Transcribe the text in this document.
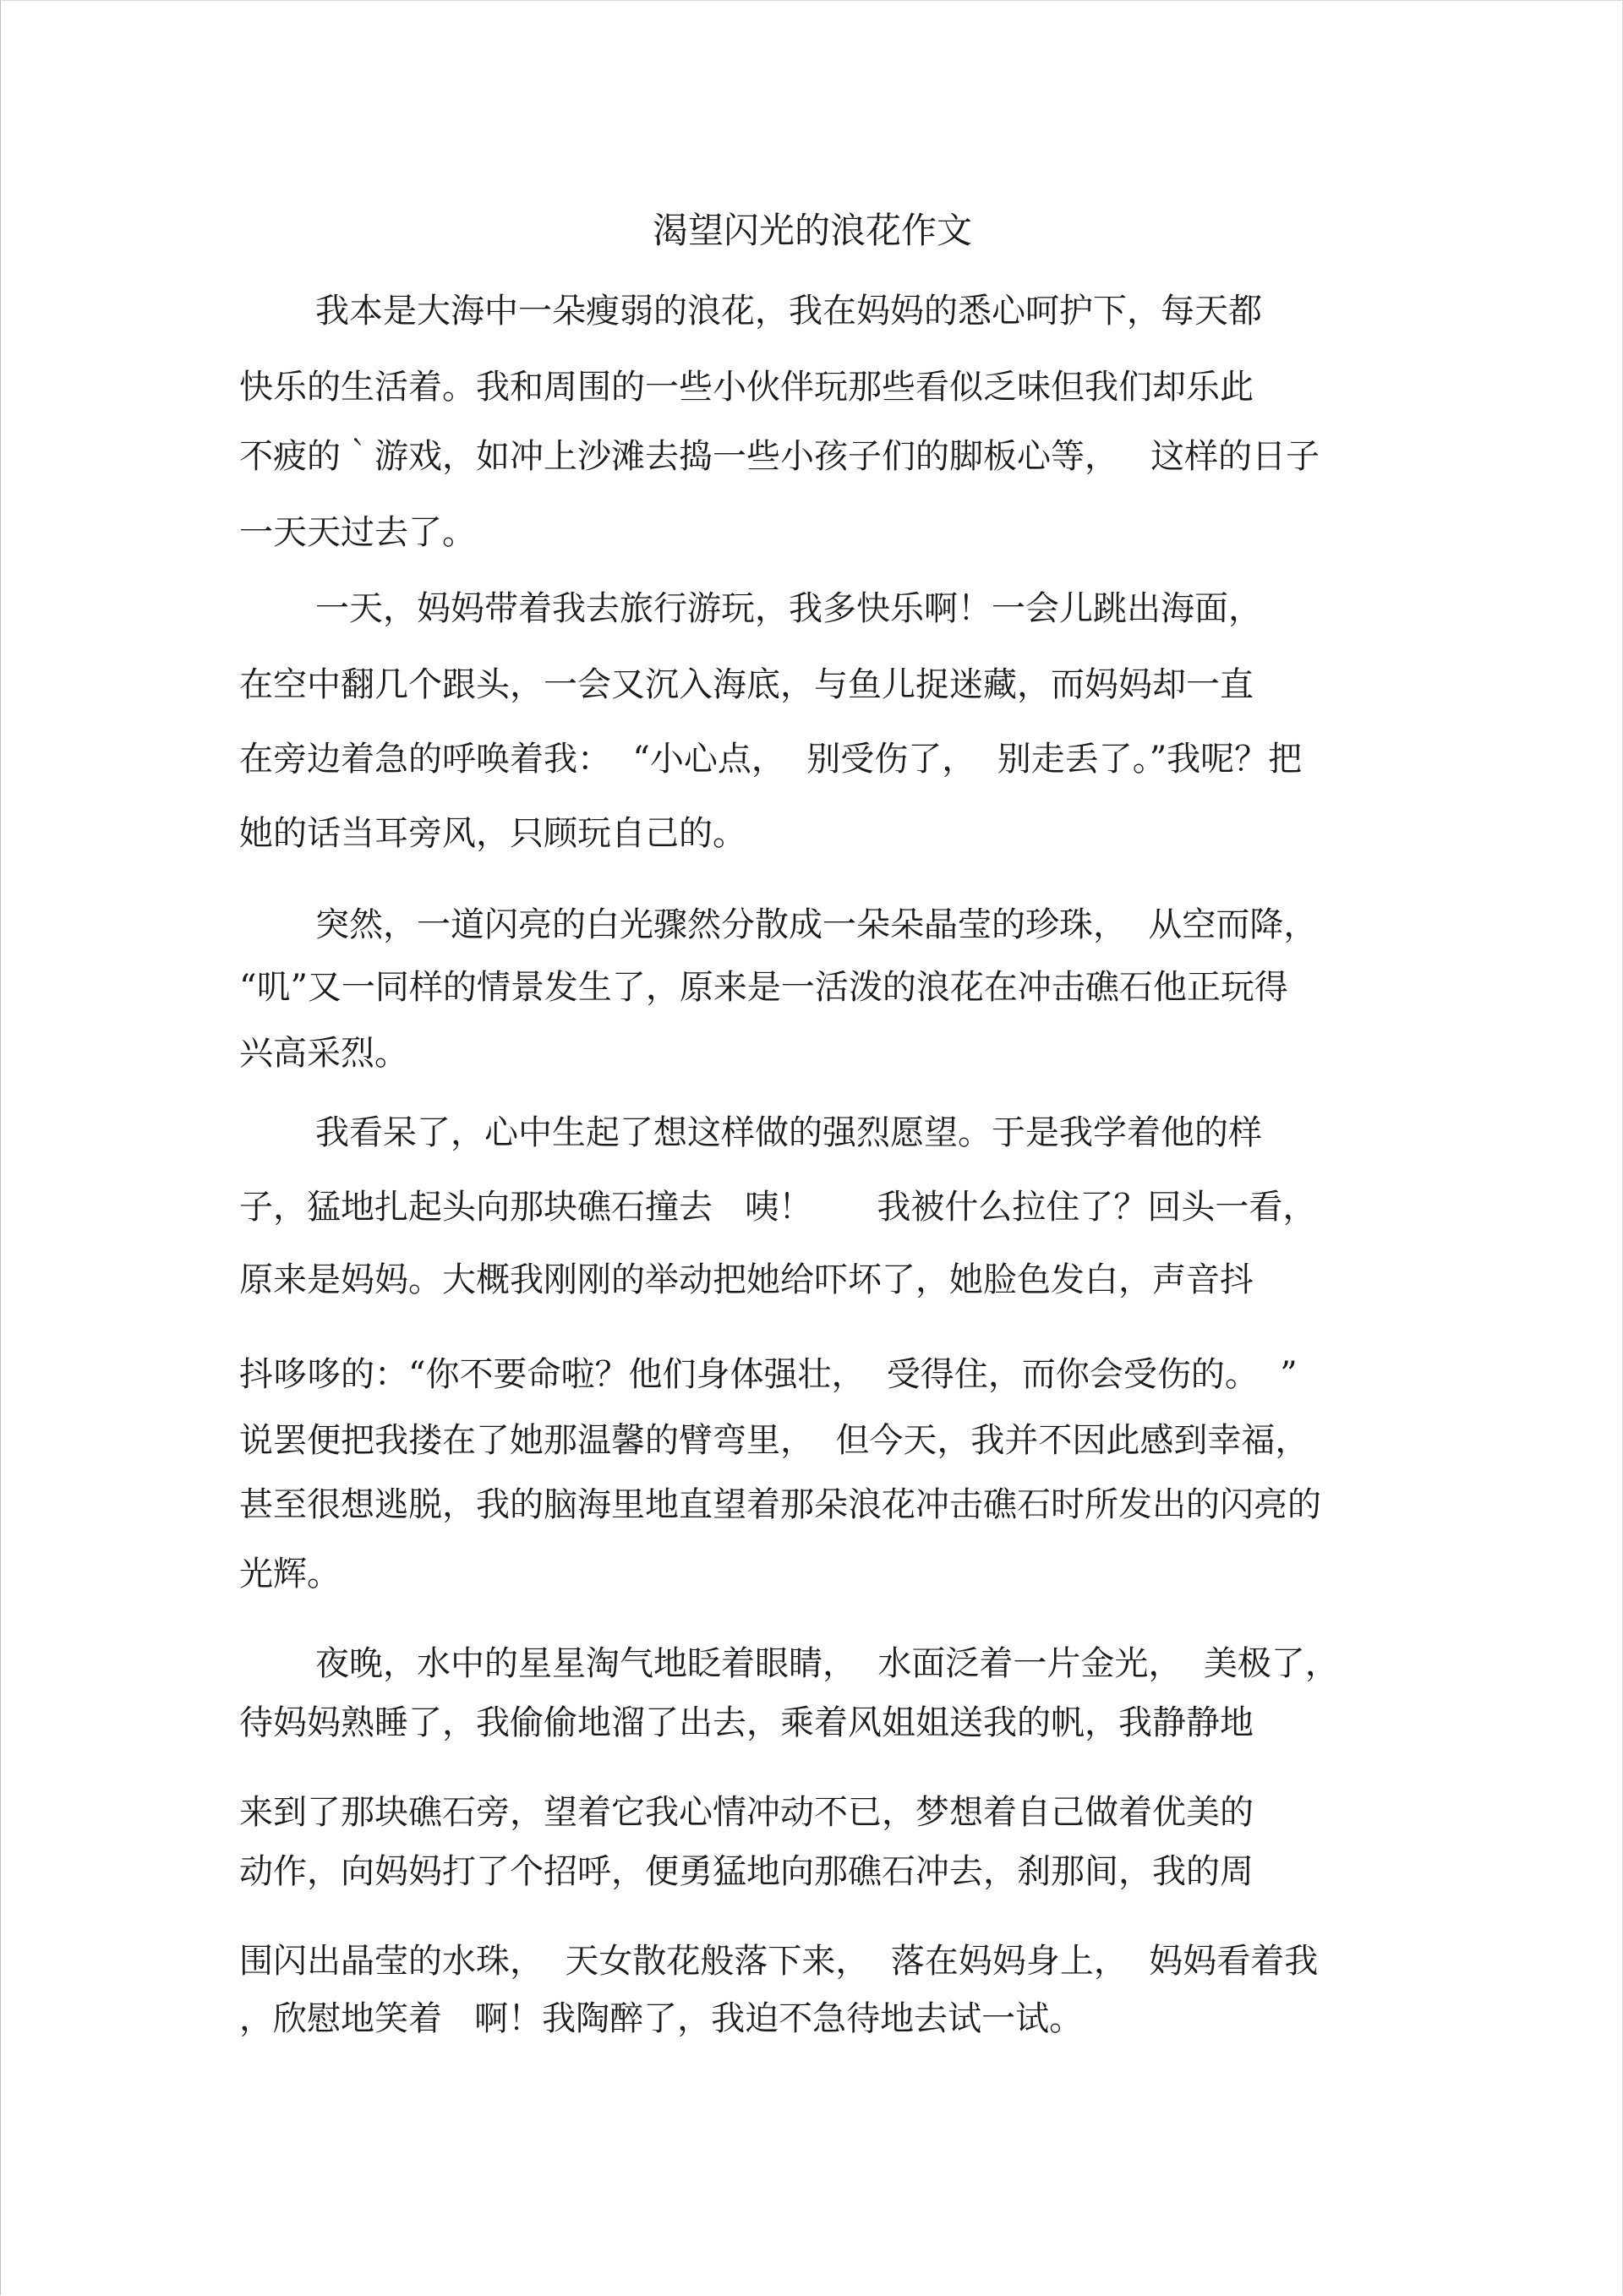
渴望闪光的浪花作文
我本是大海中一朵瘦弱的浪花，我在妈妈的悉心呵护下，每天都
快乐的生活着。我和周围的一些小伙伴玩那些看似乏味但我们却乐此
不疲的｀游戏，如冲上沙滩去捣一些小孩子们的脚板心等，   这样的日子
一天天过去了。
一天，妈妈带着我去旅行游玩，我多快乐啊！一会儿跳出海面，
在空中翻几个跟头，一会又沉入海底，与鱼儿捉迷藏，而妈妈却一直
在旁边着急的呼唤着我：  “小心点，  别受伤了，  别走丢了。”我呢？把
她的话当耳旁风，只顾玩自己的。
突然，一道闪亮的白光骤然分散成一朵朵晶莹的珍珠，  从空而降，
“叽”又一同样的情景发生了，原来是一活泼的浪花在冲击礁石他正玩得
兴高采烈。
我看呆了，心中生起了想这样做的强烈愿望。于是我学着他的样
子，猛地扎起头向那块礁石撞去   咦！      我被什么拉住了？回头一看，
原来是妈妈。大概我刚刚的举动把她给吓坏了，她脸色发白，声音抖
抖哆哆的：“你不要命啦？他们身体强壮，  受得住，而你会受伤的。  ”
说罢便把我搂在了她那温馨的臂弯里，  但今天，我并不因此感到幸福，
甚至很想逃脱，我的脑海里地直望着那朵浪花冲击礁石时所发出的闪亮的
光辉。
夜晚，水中的星星淘气地眨着眼睛，  水面泛着一片金光，  美极了，
待妈妈熟睡了，我偷偷地溜了出去，乘着风姐姐送我的帆，我静静地
来到了那块礁石旁，望着它我心情冲动不已，梦想着自己做着优美的
动作，向妈妈打了个招呼，便勇猛地向那礁石冲去，刹那间，我的周
围闪出晶莹的水珠，  天女散花般落下来，  落在妈妈身上，  妈妈看着我
，欣慰地笑着   啊！我陶醉了，我迫不急待地去试一试。
